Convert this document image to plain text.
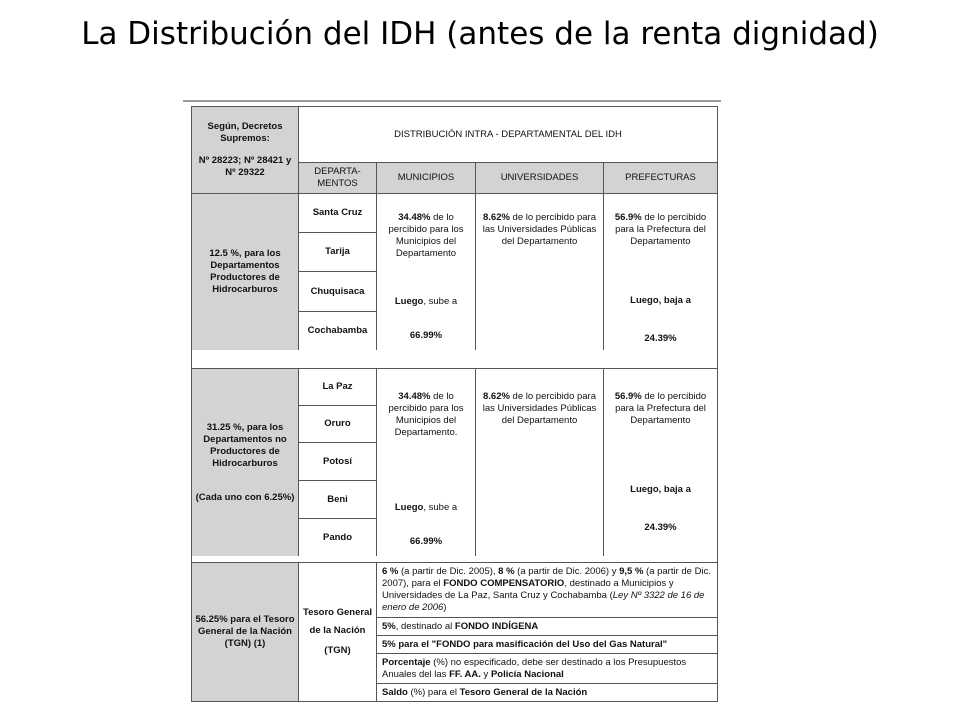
La Distribución del IDH (antes de la renta dignidad)
Según, Decretos Supremos:
Nº 28223; Nº 28421 y Nº 29322
DISTRIBUCIÓN INTRA - DEPARTAMENTAL DEL IDH
DEPARTA-MENTOS
MUNICIPIOS	UNIVERSIDADES	PREFECTURAS
12.5 %, para los Departamentos Productores de Hidrocarburos
Santa Cruz
Tarija
Chuquisaca
Cochabamba
34.48% de lo percibido para los Municipios del Departamento
Luego, sube a
66.99%
8.62% de lo percibido para las Universidades Públicas del Departamento
56.9% de lo percibido para la Prefectura del Departamento
Luego, baja a
24.39%
31.25 %, para los Departamentos no Productores de Hidrocarburos
(Cada uno con 6.25%)
La Paz
Oruro
Potosí
Beni
Pando
34.48% de lo percibido para los Municipios del Departamento.
Luego, sube a
66.99%
8.62% de lo percibido para las Universidades Públicas del Departamento
56.9% de lo percibido para la Prefectura del Departamento
Luego, baja a
24.39%
56.25% para el Tesoro General de la Nación (TGN) (1)
Tesoro General
de la Nación
(TGN)

6 % (a partir de Dic. 2005), 8 % (a partir de Dic. 2006) y 9,5 % (a partir de Dic. 2007), para el FONDO COMPENSATORIO, destinado a Municipios y Universidades de La Paz, Santa Cruz y Cochabamba (Ley Nº 3322 de 16 de enero de 2006)

5%, destinado al FONDO INDÍGENA

5% para el "FONDO para masificación del Uso del Gas Natural"

Porcentaje (%) no especificado, debe ser destinado a los Presupuestos Anuales del las FF. AA. y Policía Nacional

Saldo (%) para el Tesoro General de la Nación
